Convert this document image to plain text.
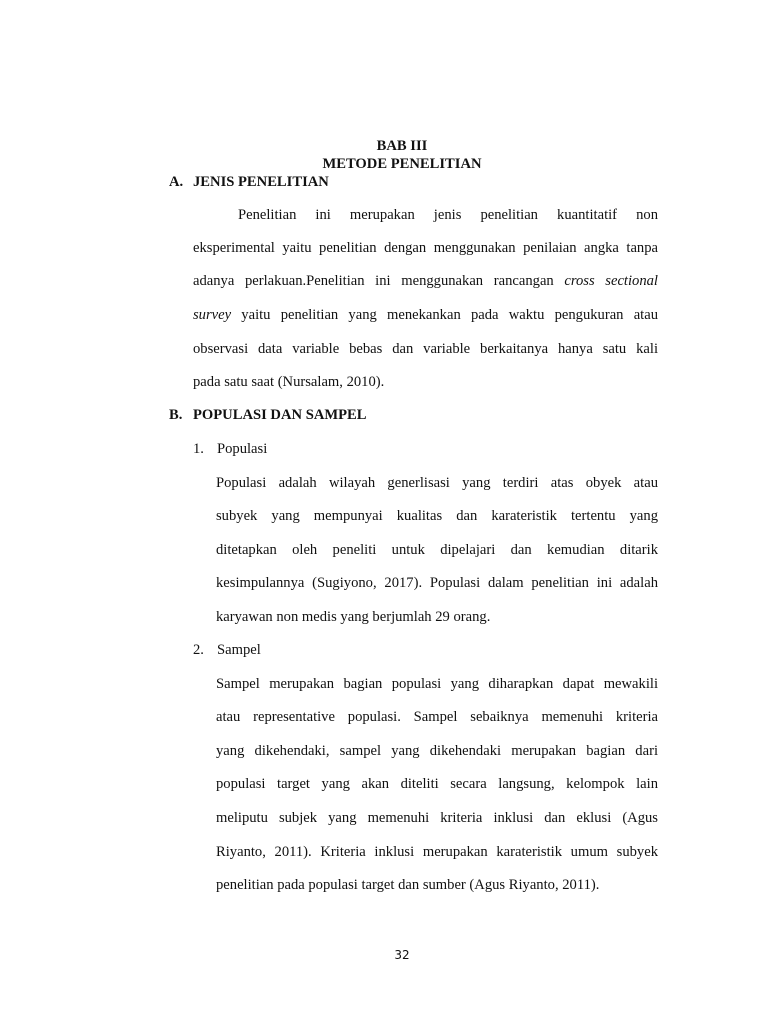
BAB III
METODE PENELITIAN
A. JENIS PENELITIAN
Penelitian ini merupakan jenis penelitian kuantitatif non
eksperimental yaitu penelitian dengan menggunakan penilaian angka tanpa
adanya perlakuan.Penelitian ini menggunakan rancangan cross sectional
survey yaitu penelitian yang menekankan pada waktu pengukuran atau
observasi data variable bebas dan variable berkaitanya hanya satu kali
pada satu saat (Nursalam, 2010).
B. POPULASI DAN SAMPEL
1. Populasi
Populasi adalah wilayah generlisasi yang terdiri atas obyek atau
subyek yang mempunyai kualitas dan karateristik tertentu yang
ditetapkan oleh peneliti untuk dipelajari dan kemudian ditarik
kesimpulannya (Sugiyono, 2017). Populasi dalam penelitian ini adalah
karyawan non medis yang berjumlah 29 orang.
2. Sampel
Sampel merupakan bagian populasi yang diharapkan dapat mewakili
atau representative populasi. Sampel sebaiknya memenuhi kriteria
yang dikehendaki, sampel yang dikehendaki merupakan bagian dari
populasi target yang akan diteliti secara langsung, kelompok lain
meliputu subjek yang memenuhi kriteria inklusi dan eklusi (Agus
Riyanto, 2011). Kriteria inklusi merupakan karateristik umum subyek
penelitian pada populasi target dan sumber (Agus Riyanto, 2011).
32
